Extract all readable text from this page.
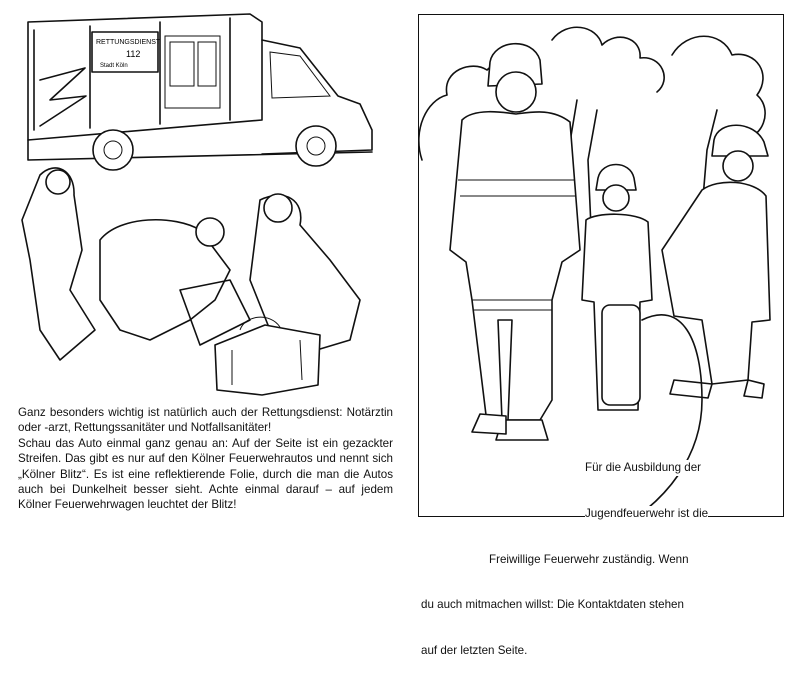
RETTUNGSDIENST
112
Stadt Köln
Ganz besonders wichtig ist natürlich auch der Rettungsdienst: Notärztin oder -arzt, Rettungssanitäter und Notfallsanitäter!
Schau das Auto einmal ganz genau an: Auf der Seite ist ein gezackter Streifen. Das gibt es nur auf den Kölner Feuerwehrautos und nennt sich „Kölner Blitz“. Es ist eine reflektierende Folie, durch die man die Autos auch bei Dunkelheit besser sieht. Achte einmal darauf – auf jedem Kölner Feuerwehrwagen leuchtet der Blitz!

Für die Ausbildung der

Jugendfeuerwehr ist die

Freiwillige Feuerwehr zuständig. Wenn

du auch mitmachen willst: Die Kontaktdaten stehen

auf der letzten Seite.
